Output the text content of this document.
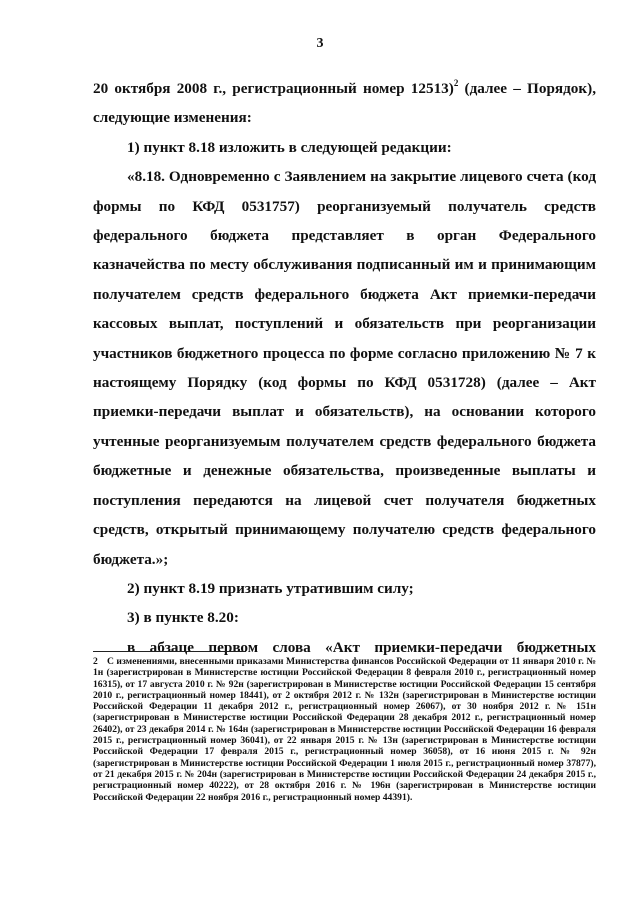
3

20 октября 2008 г., регистрационный номер 12513)$^2$ (далее – Порядок), следующие изменения:

1) пункт 8.18 изложить в следующей редакции:

«8.18. Одновременно с Заявлением на закрытие лицевого счета (код формы по КФД 0531757) реорганизуемый получатель средств федерального бюджета представляет в орган Федерального казначейства по месту обслуживания подписанный им и принимающим получателем средств федерального бюджета Акт приемки-передачи кассовых выплат, поступлений и обязательств при реорганизации участников бюджетного процесса по форме согласно приложению № 7 к настоящему Порядку (код формы по КФД 0531728) (далее – Акт приемки-передачи выплат и обязательств), на основании которого учтенные реорганизуемым получателем средств федерального бюджета бюджетные и денежные обязательства, произведенные выплаты и поступления передаются на лицевой счет получателя бюджетных средств, открытый принимающему получателю средств федерального бюджета.»;

2) пункт 8.19 признать утратившим силу;

3) в пункте 8.20:

в абзаце первом слова «Акт приемки-передачи бюджетных

2 С изменениями, внесенными приказами Министерства финансов Российской Федерации от 11 января 2010 г. № 1н (зарегистрирован в Министерстве юстиции Российской Федерации 8 февраля 2010 г., регистрационный номер 16315), от 17 августа 2010 г. № 92н (зарегистрирован в Министерстве юстиции Российской Федерации 15 сентября 2010 г., регистрационный номер 18441), от 2 октября 2012 г. № 132н (зарегистрирован в Министерстве юстиции Российской Федерации 11 декабря 2012 г., регистрационный номер 26067), от 30 ноября 2012 г. № 151н (зарегистрирован в Министерстве юстиции Российской Федерации 28 декабря 2012 г., регистрационный номер 26402), от 23 декабря 2014 г. № 164н (зарегистрирован в Министерстве юстиции Российской Федерации 16 февраля 2015 г., регистрационный номер 36041), от 22 января 2015 г. № 13н (зарегистрирован в Министерстве юстиции Российской Федерации 17 февраля 2015 г., регистрационный номер 36058), от 16 июня 2015 г. № 92н (зарегистрирован в Министерстве юстиции Российской Федерации 1 июля 2015 г., регистрационный номер 37877), от 21 декабря 2015 г. № 204н (зарегистрирован в Министерстве юстиции Российской Федерации 24 декабря 2015 г., регистрационный номер 40222), от 28 октября 2016 г. № 196н (зарегистрирован в Министерстве юстиции Российской Федерации 22 ноября 2016 г., регистрационный номер 44391).
